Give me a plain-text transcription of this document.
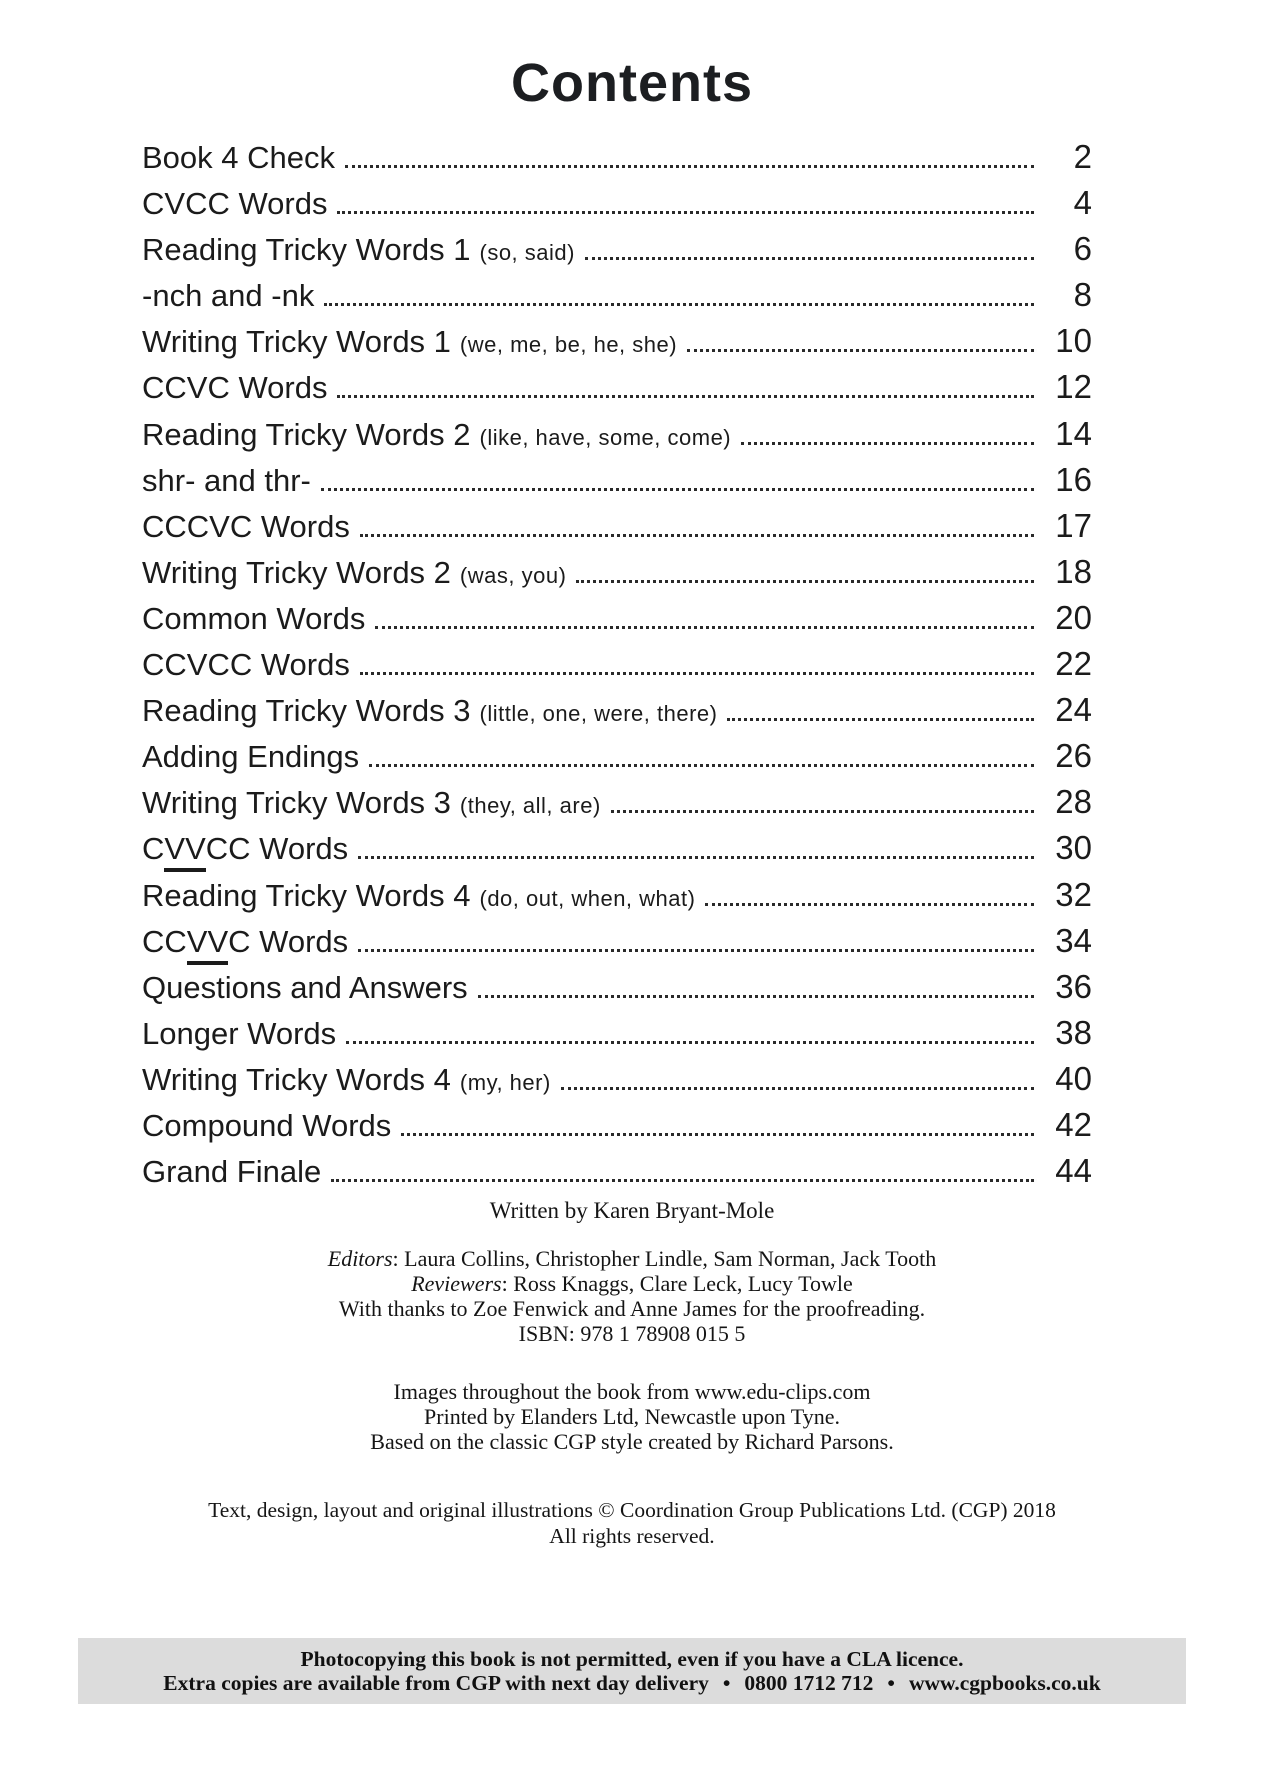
Contents
Book 4 Check	2
CVCC Words	4
Reading Tricky Words 1 (so, said)	6
-nch and -nk	8
Writing Tricky Words 1 (we, me, be, he, she)	10
CCVC Words	12
Reading Tricky Words 2 (like, have, some, come)	14
shr- and thr-	16
CCCVC Words	17
Writing Tricky Words 2 (was, you)	18
Common Words	20
CCVCC Words	22
Reading Tricky Words 3 (little, one, were, there)	24
Adding Endings	26
Writing Tricky Words 3 (they, all, are)	28
CVVCC Words	30
Reading Tricky Words 4 (do, out, when, what)	32
CCVVC Words	34
Questions and Answers	36
Longer Words	38
Writing Tricky Words 4 (my, her)	40
Compound Words	42
Grand Finale	44

Written by Karen Bryant-Mole

Editors: Laura Collins, Christopher Lindle, Sam Norman, Jack Tooth

Reviewers: Ross Knaggs, Clare Leck, Lucy Towle

With thanks to Zoe Fenwick and Anne James for the proofreading.

ISBN: 978 1 78908 015 5

Images throughout the book from www.edu-clips.com

Printed by Elanders Ltd, Newcastle upon Tyne.

Based on the classic CGP style created by Richard Parsons.

Text, design, layout and original illustrations © Coordination Group Publications Ltd. (CGP) 2018

All rights reserved.

Photocopying this book is not permitted, even if you have a CLA licence.

Extra copies are available from CGP with next day delivery • 0800 1712 712 • www.cgpbooks.co.uk
